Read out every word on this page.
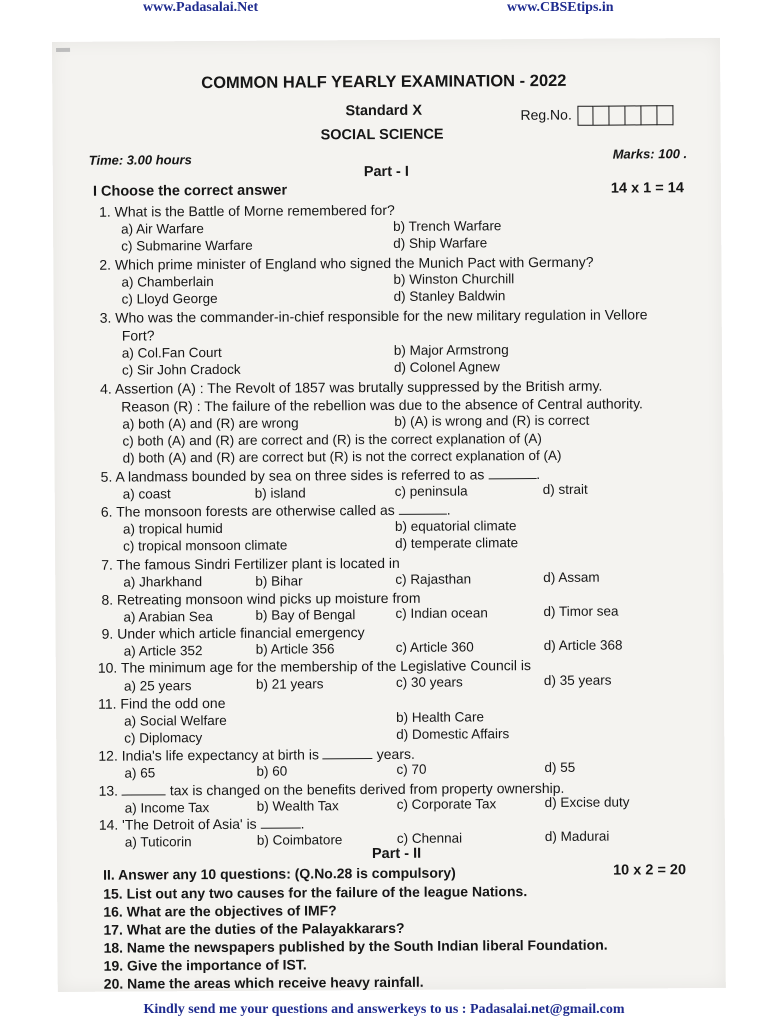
www.Padasalai.Net	www.CBSEtips.in
COMMON HALF YEARLY EXAMINATION - 2022
Standard X
SOCIAL SCIENCE
Reg.No.
Time: 3.00 hours	Marks: 100 .
Part - I
I Choose the correct answer	14 x 1 = 14
1. What is the Battle of Morne remembered for?
a) Air Warfare	b) Trench Warfare
c) Submarine Warfare	d) Ship Warfare
2. Which prime minister of England who signed the Munich Pact with Germany?
a) Chamberlain	b) Winston Churchill
c) Lloyd George	d) Stanley Baldwin
3. Who was the commander-in-chief responsible for the new military regulation in Vellore
Fort?
a) Col.Fan Court	b) Major Armstrong
c) Sir John Cradock	d) Colonel Agnew
4. Assertion (A) : The Revolt of 1857 was brutally suppressed by the British army.
Reason (R) : The failure of the rebellion was due to the absence of Central authority.
a) both (A) and (R) are wrong	b) (A) is wrong and (R) is correct
c) both (A) and (R) are correct and (R) is the correct explanation of (A)
d) both (A) and (R) are correct but (R) is not the correct explanation of (A)
5. A landmass bounded by sea on three sides is referred to as	.
a) coast	b) island	c) peninsula	d) strait
6. The monsoon forests are otherwise called as	.
a) tropical humid	b) equatorial climate
c) tropical monsoon climate	d) temperate climate
7. The famous Sindri Fertilizer plant is located in
a) Jharkhand	b) Bihar	c) Rajasthan	d) Assam
8. Retreating monsoon wind picks up moisture from
a) Arabian Sea	b) Bay of Bengal	c) Indian ocean	d) Timor sea
9. Under which article financial emergency
a) Article 352	b) Article 356	c) Article 360	d) Article 368
10. The minimum age for the membership of the Legislative Council is
a) 25 years	b) 21 years	c) 30 years	d) 35 years
11. Find the odd one
a) Social Welfare	b) Health Care
c) Diplomacy	d) Domestic Affairs
12. India's life expectancy at birth is	years.
a) 65	b) 60	c) 70	d) 55
13.	tax is changed on the benefits derived from property ownership.
a) Income Tax	b) Wealth Tax	c) Corporate Tax	d) Excise duty
14. 'The Detroit of Asia' is	.
a) Tuticorin	b) Coimbatore	c) Chennai	d) Madurai
Part - II
II. Answer any 10 questions: (Q.No.28 is compulsory)	10 x 2 = 20
15. List out any two causes for the failure of the league Nations.
16. What are the objectives of IMF?
17. What are the duties of the Palayakkarars?
18. Name the newspapers published by the South Indian liberal Foundation.
19. Give the importance of IST.
20. Name the areas which receive heavy rainfall.
Kindly send me your questions and answerkeys to us : Padasalai.net@gmail.com
